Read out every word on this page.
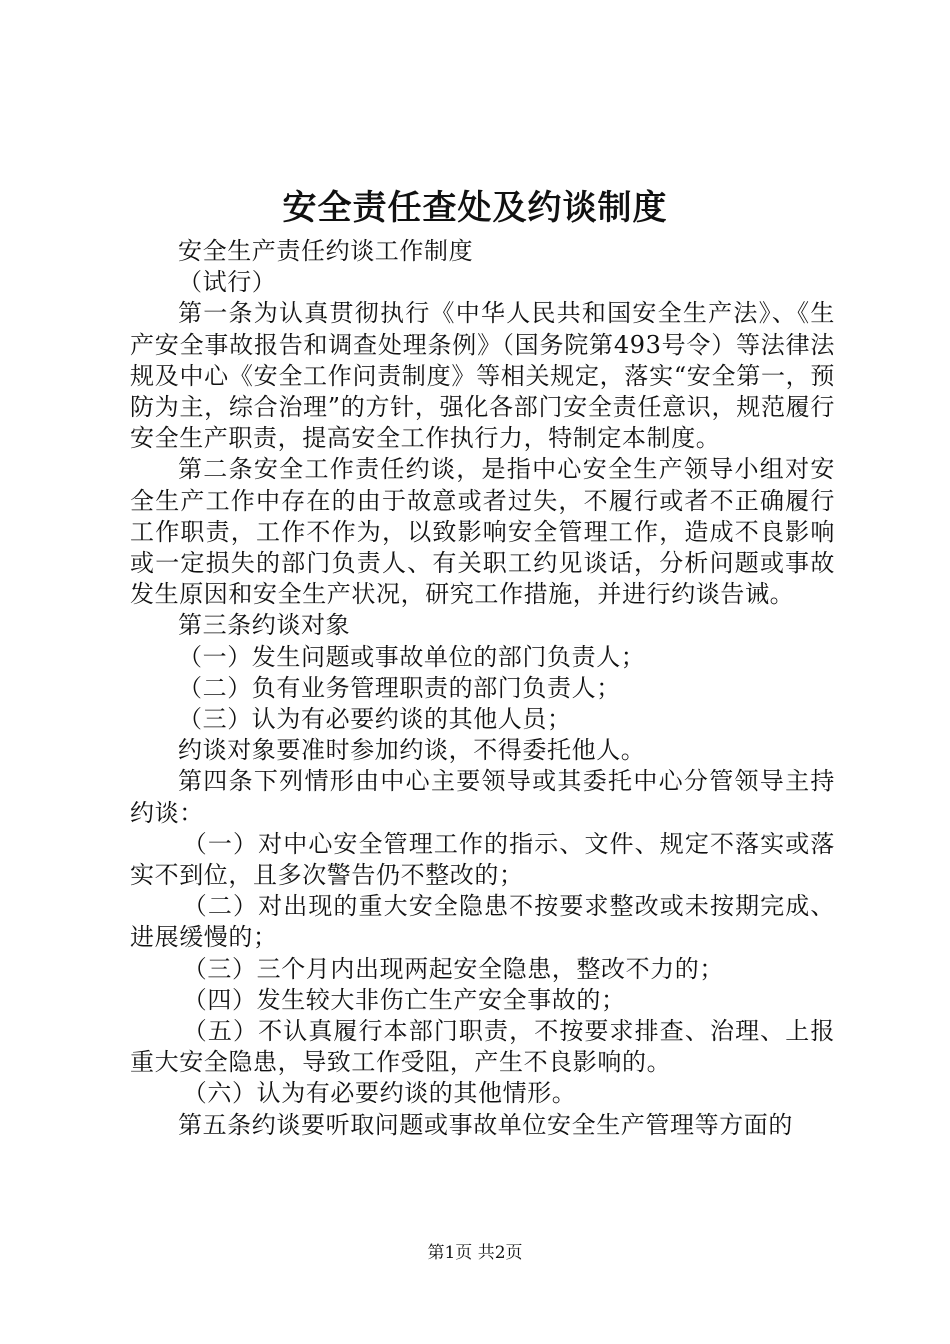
安全责任查处及约谈制度

安全生产责任约谈工作制度

（试行）

第一条为认真贯彻执行《中华人民共和国安全生产法》、《生产安全事故报告和调查处理条例》（国务院第493号令）等法律法规及中心《安全工作问责制度》等相关规定，落实“安全第一，预防为主，综合治理”的方针，强化各部门安全责任意识，规范履行安全生产职责，提高安全工作执行力，特制定本制度。

第二条安全工作责任约谈，是指中心安全生产领导小组对安全生产工作中存在的由于故意或者过失，不履行或者不正确履行工作职责，工作不作为，以致影响安全管理工作，造成不良影响或一定损失的部门负责人、有关职工约见谈话，分析问题或事故发生原因和安全生产状况，研究工作措施，并进行约谈告诫。

第三条约谈对象

（一）发生问题或事故单位的部门负责人；

（二）负有业务管理职责的部门负责人；

（三）认为有必要约谈的其他人员；

约谈对象要准时参加约谈，不得委托他人。

第四条下列情形由中心主要领导或其委托中心分管领导主持约谈：

（一）对中心安全管理工作的指示、文件、规定不落实或落实不到位，且多次警告仍不整改的；

（二）对出现的重大安全隐患不按要求整改或未按期完成、进展缓慢的；

（三）三个月内出现两起安全隐患，整改不力的；

（四）发生较大非伤亡生产安全事故的；

（五）不认真履行本部门职责，不按要求排查、治理、上报重大安全隐患，导致工作受阻，产生不良影响的。

（六）认为有必要约谈的其他情形。

第五条约谈要听取问题或事故单位安全生产管理等方面的

第1页 共2页
